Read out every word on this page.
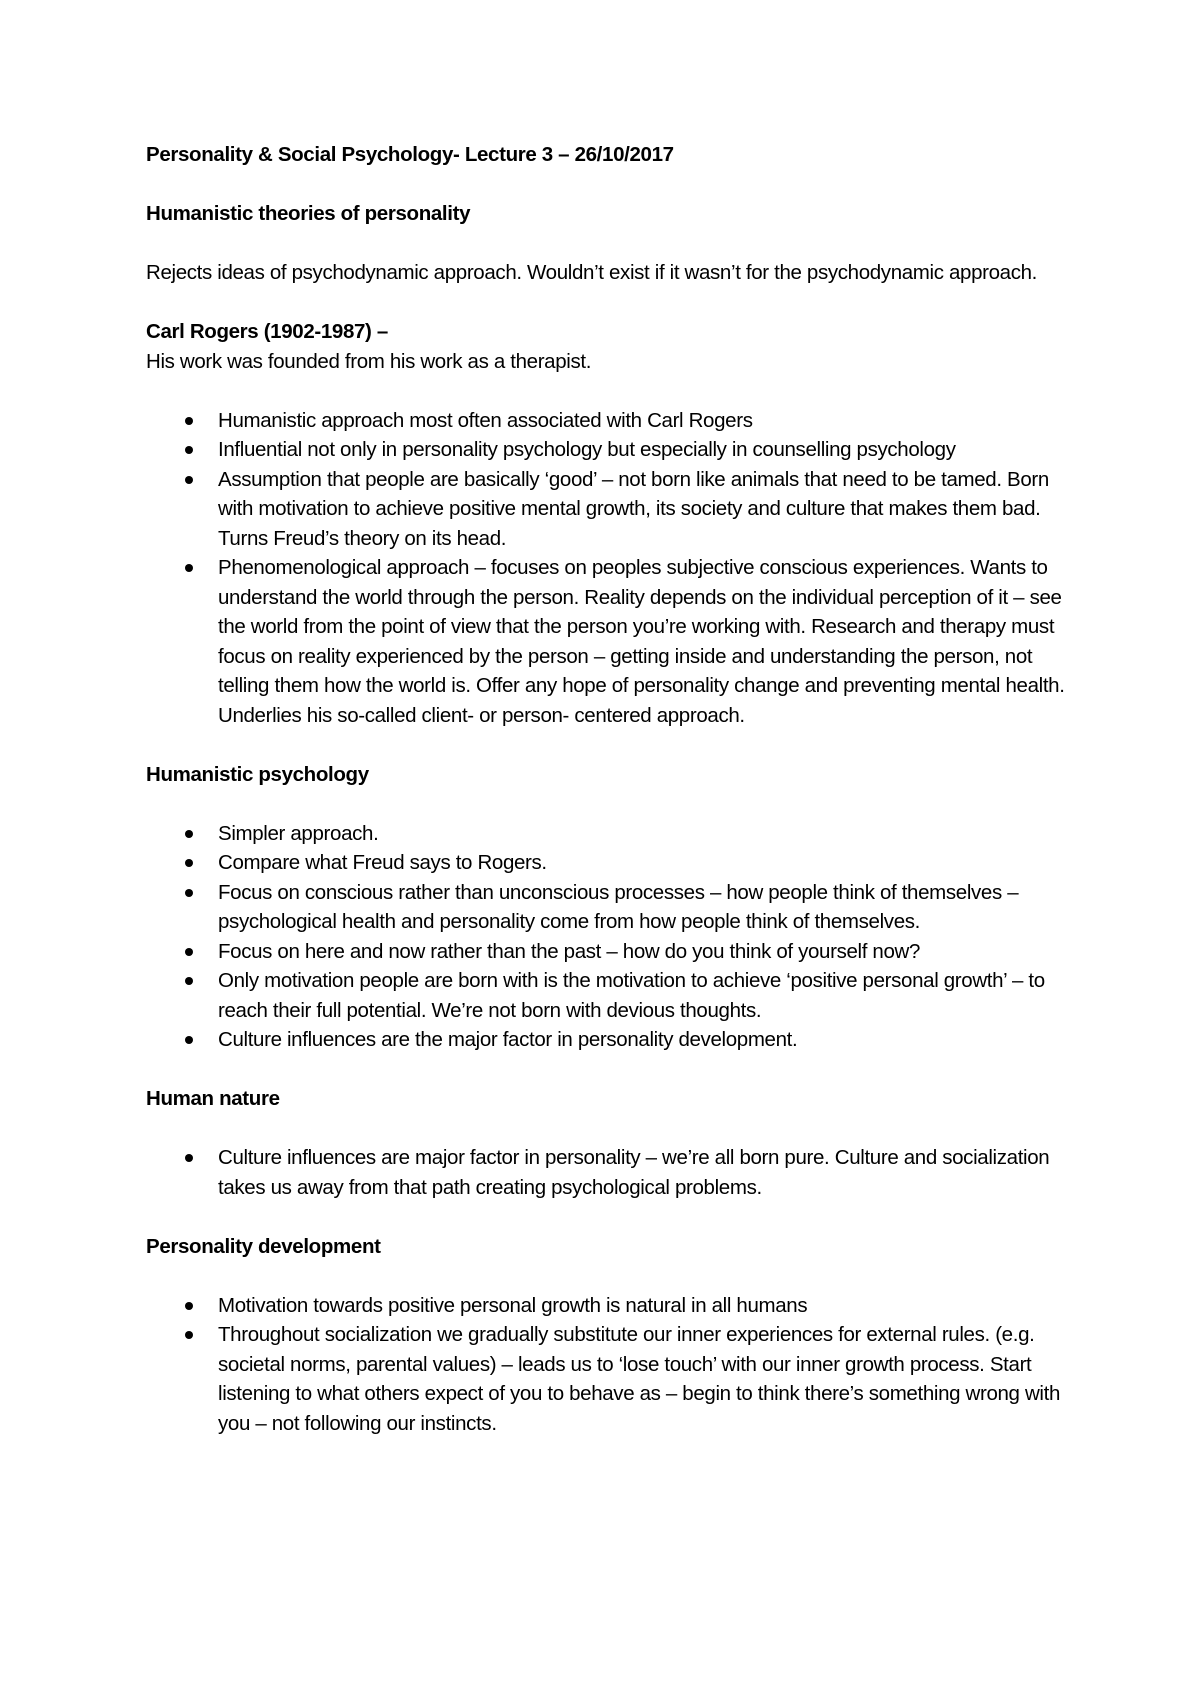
Personality & Social Psychology- Lecture 3 – 26/10/2017

Humanistic theories of personality

Rejects ideas of psychodynamic approach. Wouldn’t exist if it wasn’t for the psychodynamic approach.

Carl Rogers (1902-1987) –

His work was founded from his work as a therapist.

Humanistic approach most often associated with Carl Rogers
Influential not only in personality psychology but especially in counselling psychology
Assumption that people are basically ‘good’ – not born like animals that need to be tamed. Born with motivation to achieve positive mental growth, its society and culture that makes them bad. Turns Freud’s theory on its head.
Phenomenological approach – focuses on peoples subjective conscious experiences. Wants to understand the world through the person. Reality depends on the individual perception of it – see the world from the point of view that the person you’re working with. Research and therapy must focus on reality experienced by the person – getting inside and understanding the person, not telling them how the world is. Offer any hope of personality change and preventing mental health. Underlies his so-called client- or person- centered approach.

Humanistic psychology

Simpler approach.
Compare what Freud says to Rogers.
Focus on conscious rather than unconscious processes – how people think of themselves – psychological health and personality come from how people think of themselves.
Focus on here and now rather than the past – how do you think of yourself now?
Only motivation people are born with is the motivation to achieve ‘positive personal growth’ – to reach their full potential. We’re not born with devious thoughts.
Culture influences are the major factor in personality development.

Human nature

Culture influences are major factor in personality – we’re all born pure. Culture and socialization takes us away from that path creating psychological problems.

Personality development

Motivation towards positive personal growth is natural in all humans
Throughout socialization we gradually substitute our inner experiences for external rules. (e.g. societal norms, parental values) – leads us to ‘lose touch’ with our inner growth process. Start listening to what others expect of you to behave as – begin to think there’s something wrong with you – not following our instincts.
